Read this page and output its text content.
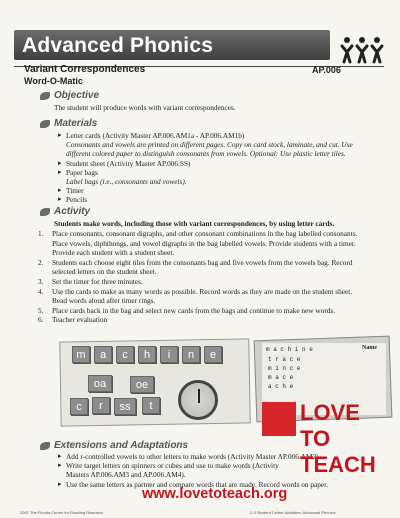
Advanced Phonics
Variant Correspondences	AP.006
Word-O-Matic
Objective
The student will produce words with variant correspondences.
Materials
▸ Letter cards (Activity Master AP.006.AM1a - AP.006.AM1b)
Consonants and vowels are printed on different pages. Copy on card stock, laminate, and cut. Use different colored paper to distinguish consonants from vowels. Optional: Use plastic letter tiles.
▸ Student sheet (Activity Master AP.006.SS)
▸ Paper bags
Label bags (i.e., consonants and vowels).
▸ Timer
▸ Pencils
Activity
Students make words, including those with variant correspondences, by using letter cards.
1.	Place consonants, consonant digraphs, and other consonant combinations in the bag labelled consonants. Place vowels, diphthongs, and vowel digraphs in the bag labelled vowels. Provide students with a timer. Provide each student with a student sheet.
2.	Students each choose eight tiles from the consonants bag and five vowels from the vowels bag. Record selected letters on the student sheet.
3.	Set the timer for three minutes.
4.	Use the cards to make as many words as possible. Record words as they are made on the student sheet. Read words aloud after timer rings.
5.	Place cards back in the bag and select new cards from the bags and continue to make new words.
6.	Teacher evaluation
m	a	c	h	i	n	e
oa	oe
c	r	ss	t
m a c h i n e
t r a c e
m i n c e
m a c e
a c h e
Name
Extensions and Adaptations
▸ Add r-controlled vowels to other letters to make words (Activity Master AP.006.AM2).
▸ Write target letters on spinners or cubes and use to make words (Activity Masters AP.006.AM3 and AP.006.AM4).
▸ Use the same letters as partner and compare words that are made. Record words on paper.
2007 The Florida Center for Reading Research	2-3 Student Center Activities: Advanced Phonics
LOVE
TO
TEACH
www.lovetoteach.org
